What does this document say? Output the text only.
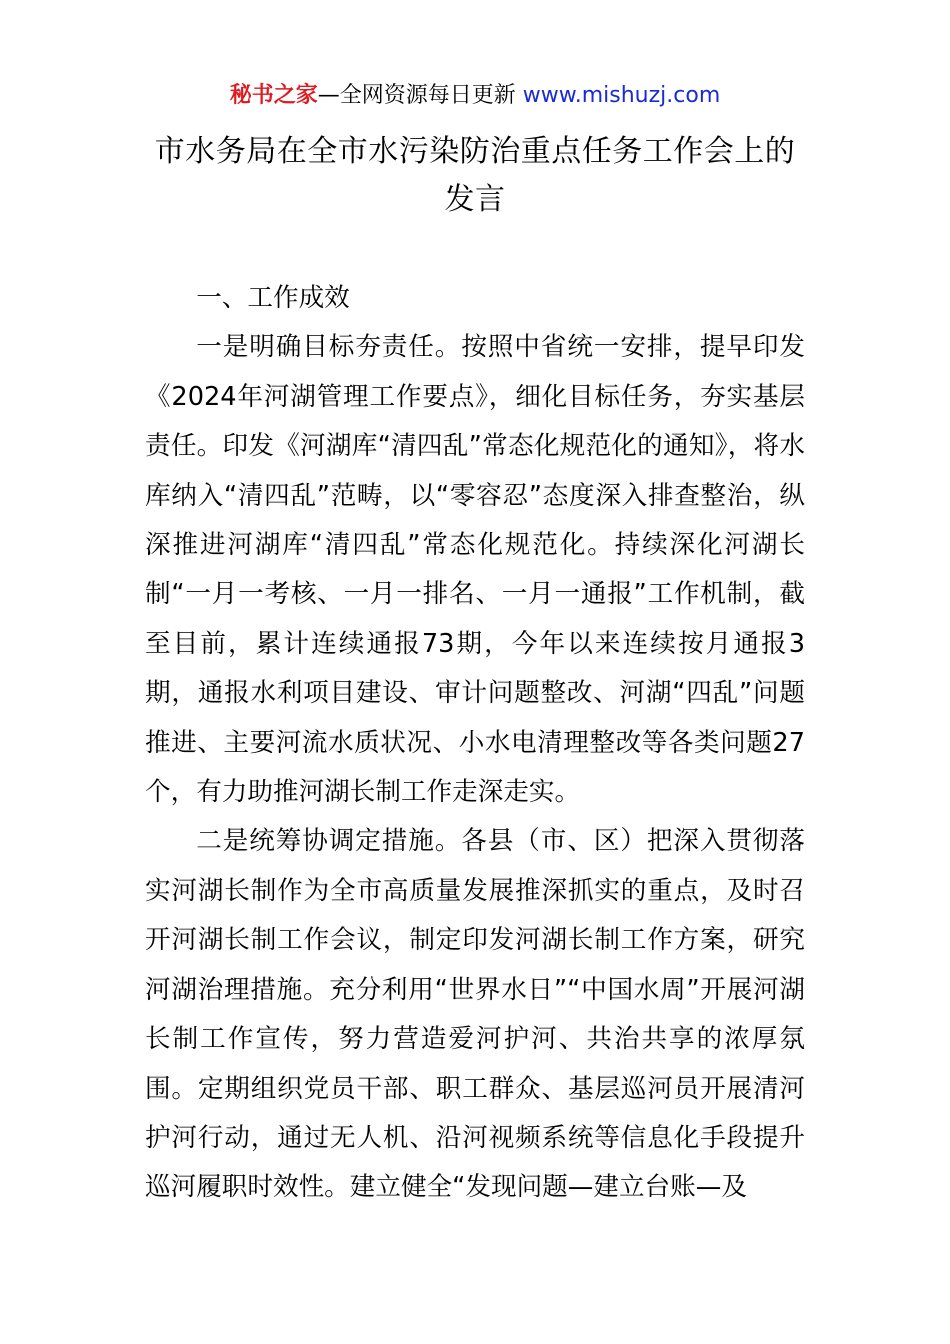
秘书之家—全网资源每日更新 www.mishuzj.com
市水务局在全市水污染防治重点任务工作会上的发言

一、工作成效

一是明确目标夯责任。按照中省统一安排，提早印发《2024年河湖管理工作要点》，细化目标任务，夯实基层责任。印发《河湖库“清四乱”常态化规范化的通知》，将水库纳入“清四乱”范畴，以“零容忍”态度深入排查整治，纵深推进河湖库“清四乱”常态化规范化。持续深化河湖长制“一月一考核、一月一排名、一月一通报”工作机制，截至目前，累计连续通报73期，今年以来连续按月通报3期，通报水利项目建设、审计问题整改、河湖“四乱”问题推进、主要河流水质状况、小水电清理整改等各类问题27个，有力助推河湖长制工作走深走实。

二是统筹协调定措施。各县（市、区）把深入贯彻落实河湖长制作为全市高质量发展推深抓实的重点，及时召开河湖长制工作会议，制定印发河湖长制工作方案，研究河湖治理措施。充分利用“世界水日”“中国水周”开展河湖长制工作宣传，努力营造爱河护河、共治共享的浓厚氛围。定期组织党员干部、职工群众、基层巡河员开展清河护河行动，通过无人机、沿河视频系统等信息化手段提升巡河履职时效性。建立健全“发现问题—建立台账—及
